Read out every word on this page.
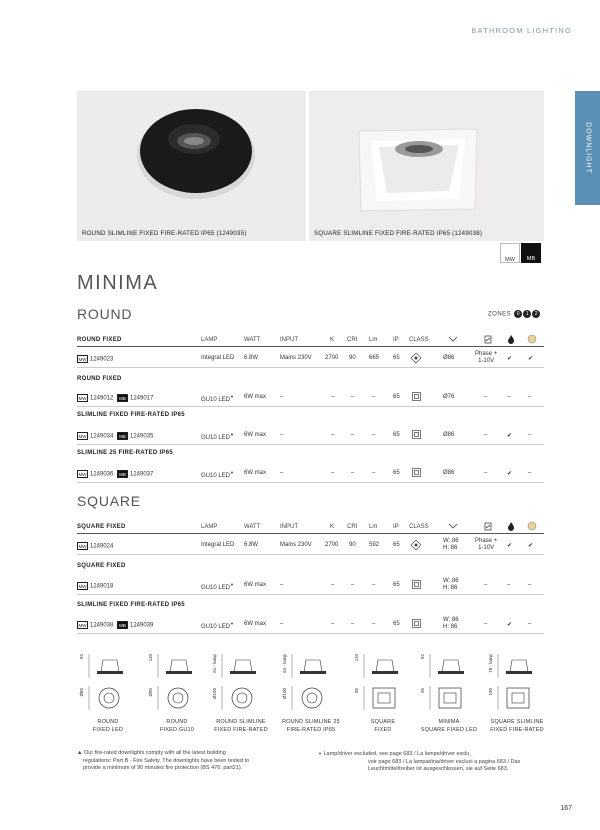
BATHROOM LIGHTING
DOWNLIGHT
ROUND SLIMLINE FIXED FIRE-RATED IP65 (1249035)	SQUARE SLIMLINE FIXED FIRE-RATED IP65 (1249038)
MW	MB
MINIMA
ROUND	ZONES 0 1 2
ROUND FIXED	LAMP	WATT	INPUT	K CRI Lm	IP CLASS
MW 1249023	Integral LED 6.8W	Mains 230V 2700 90 665 65	Ø86
Phase +
1-10V	✔	✔
ROUND FIXED
MW 1249012	MB 1249017	GU10 LED▼ 6W max –	–	–	–	65	Ø76	–	–	–
SLIMLINE FIXED FIRE-RATED IP65
MW 1249034	MB 1249035	GU10 LED▼ 6W max –	–	–	–	65	Ø86	–	✔	–
SLIMLINE 25 FIRE-RATED IP65
MW 1249036	MB 1249037	GU10 LED▼ 6W max –	–	–	–	65	Ø86	–	✔	–
SQUARE
SQUARE FIXED	LAMP	WATT	INPUT	K CRI Lm	IP CLASS
MW 1249024	Integral LED 6.8W	Mains 230V 2700 90 592 65
W: 86
H: 86
Phase +
1-10V	✔	✔
SQUARE FIXED
MW 1249018	GU10 LED▼ 6W max –	–	–	–	65
W: 86
H: 86	–	–	–
SLIMLINE FIXED FIRE-RATED IP65
MW 1249038	MB 1249039	GU10 LED▼ 6W max –	–	–	–	65
W: 86
H: 86	–	✔	–
82
Ø86
ROUND
FIXED LED
110
Ø85
ROUND
FIXED GU10
61 - lamp
Ø100
ROUND SLIMLINE
FIXED FIRE-RATED
64 - lamp
Ø100
ROUND SLIMLINE 25
FIRE-RATED IP65
110
85
SQUARE
FIXED
82
95
MINIMA
SQUARE FIXED LED
78 - lamp
100
SQUARE SLIMLINE
FIXED FIRE-RATED
▲ Our fire-rated downlights comply with all the latest building
regulations: Part B - Fire Safety. The downlights have been tested to
provide a minimum of 90 minutes fire protection (BS 476: part21).
▼ Lamp/driver excluded, see page 683 / La lampe/driver exclu,
voir page 683 / La lampadina/driver esclusi a pagina 683 / Das
Leuchtmittel/treiber ist ausgeschlossen, sie auf Seite 683.
167
